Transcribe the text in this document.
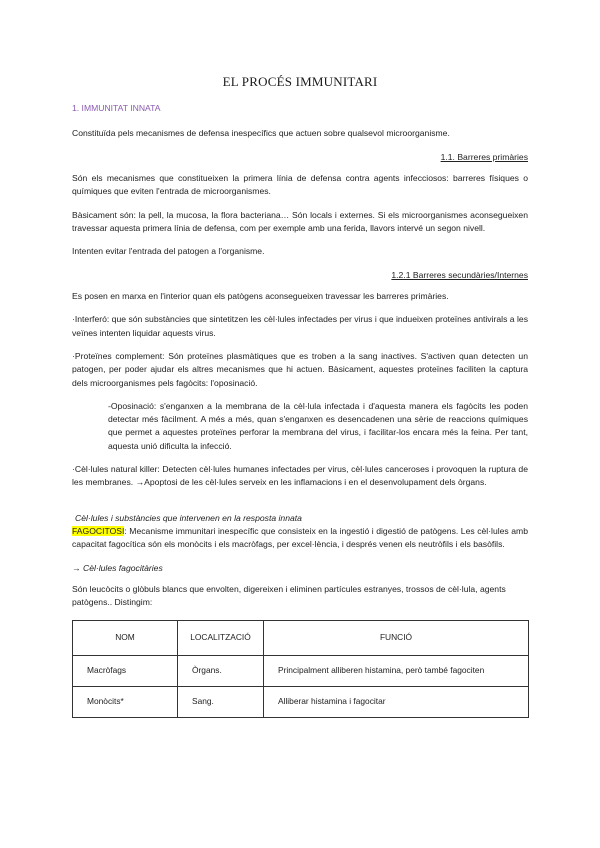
EL PROCÉS IMMUNITARI
1. IMMUNITAT INNATA

Constituïda pels mecanismes de defensa inespecífics que actuen sobre qualsevol microorganisme.

1.1. Barreres primàries

Són els mecanismes que constitueixen la primera línia de defensa contra agents infecciosos: barreres físiques o químiques que eviten l'entrada de microorganismes.

Bàsicament són: la pell, la mucosa, la flora bacteriana… Són locals i externes. Si els microorganismes aconsegueixen travessar aquesta primera línia de defensa, com per exemple amb una ferida, llavors intervé un segon nivell.

Intenten evitar l'entrada del patogen a l'organisme.

1.2.1 Barreres secundàries/Internes

Es posen en marxa en l'interior quan els patògens aconsegueixen travessar les barreres primàries.

·Interferó: que són substàncies que sintetitzen les cèl·lules infectades per virus i que indueixen proteïnes antivirals a les veïnes intenten liquidar aquests virus.

·Proteïnes complement: Són proteïnes plasmàtiques que es troben a la sang inactives. S'activen quan detecten un patogen, per poder ajudar els altres mecanismes que hi actuen. Bàsicament, aquestes proteïnes faciliten la captura dels microorganismes pels fagòcits: l'oposinació.

-Oposinació: s'enganxen a la membrana de la cèl·lula infectada i d'aquesta manera els fagòcits les poden detectar més fàcilment. A més a més, quan s'enganxen es desencadenen una sèrie de reaccions químiques que permet a aquestes proteïnes perforar la membrana del virus, i facilitar-los encara més la feina. Per tant, aquesta unió dificulta la infecció.

·Cèl·lules natural killer: Detecten cèl·lules humanes infectades per virus, cèl·lules canceroses i provoquen la ruptura de les membranes. →Apoptosi de les cèl·lules serveix en les inflamacions i en el desenvolupament dels òrgans.

Cèl·lules i substàncies que intervenen en la resposta innata

FAGOCITOSI: Mecanisme immunitari inespecífic que consisteix en la ingestió i digestió de patògens. Les cèl·lules amb capacitat fagocítica són els monòcits i els macròfags, per excel·lència, i després venen els neutròfils i els basòfils.

→ Cèl·lules fagocitàries

Són leucòcits o glòbuls blancs que envolten, digereixen i eliminen partícules estranyes, trossos de cèl·lula, agents patògens.. Distingim:

NOM	LOCALITZACIÓ	FUNCIÓ
Macròfags	Òrgans.	Principalment alliberen histamina, però també fagociten
Monòcits*	Sang.	Alliberar histamina i fagocitar
